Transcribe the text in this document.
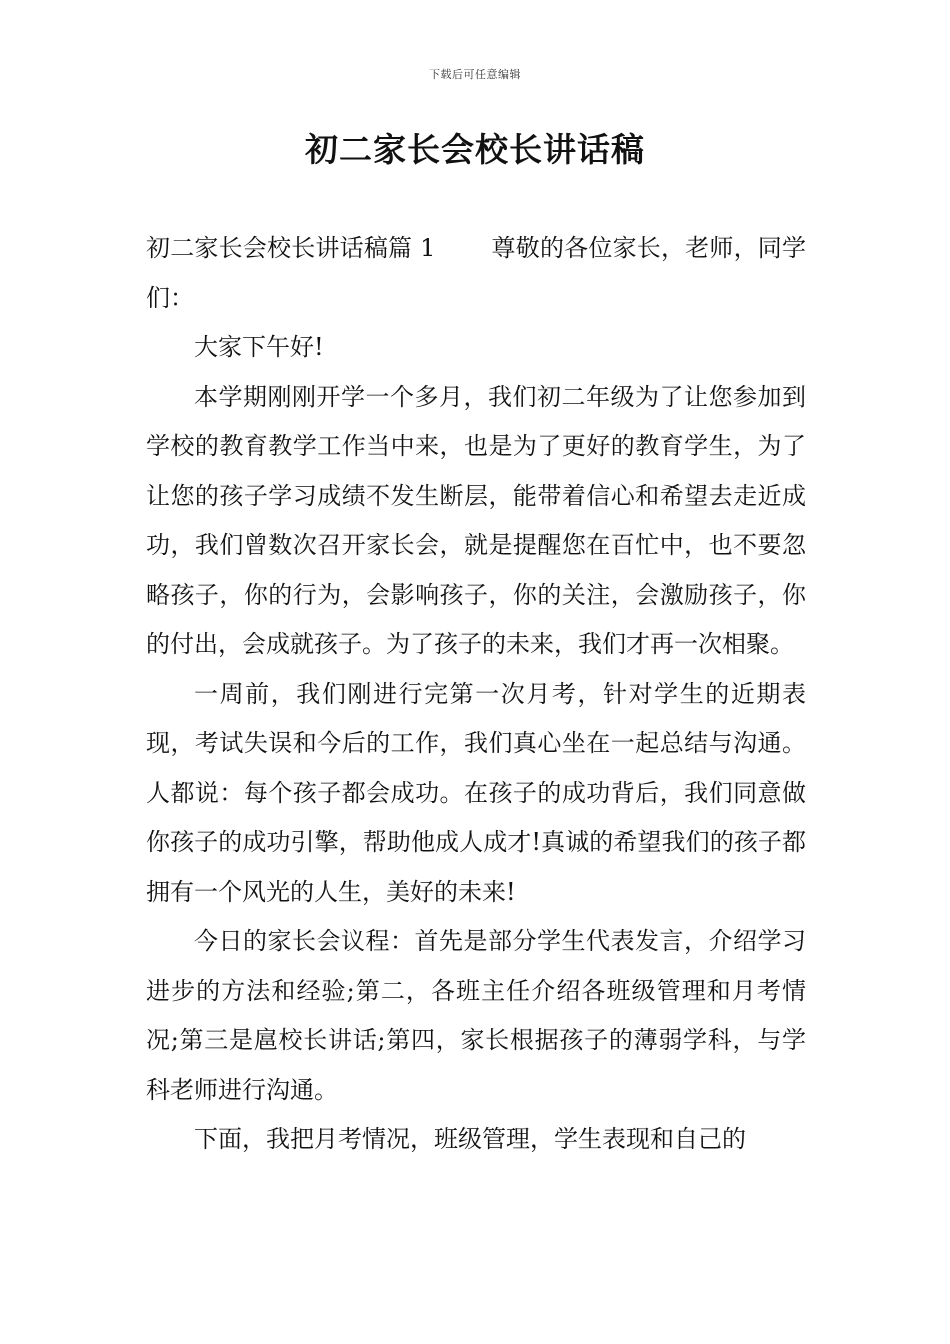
下载后可任意编辑
初二家长会校长讲话稿

初二家长会校长讲话稿篇 1 尊敬的各位家长，老师，同学们：

大家下午好!

本学期刚刚开学一个多月，我们初二年级为了让您参加到学校的教育教学工作当中来，也是为了更好的教育学生，为了让您的孩子学习成绩不发生断层，能带着信心和希望去走近成功，我们曾数次召开家长会，就是提醒您在百忙中，也不要忽略孩子，你的行为，会影响孩子，你的关注，会激励孩子，你的付出，会成就孩子。为了孩子的未来，我们才再一次相聚。

一周前，我们刚进行完第一次月考，针对学生的近期表现，考试失误和今后的工作，我们真心坐在一起总结与沟通。人都说：每个孩子都会成功。在孩子的成功背后，我们同意做你孩子的成功引擎，帮助他成人成才!真诚的希望我们的孩子都拥有一个风光的人生，美好的未来!

今日的家长会议程：首先是部分学生代表发言，介绍学习进步的方法和经验;第二，各班主任介绍各班级管理和月考情况;第三是扈校长讲话;第四，家长根据孩子的薄弱学科，与学科老师进行沟通。

下面，我把月考情况，班级管理，学生表现和自己的
